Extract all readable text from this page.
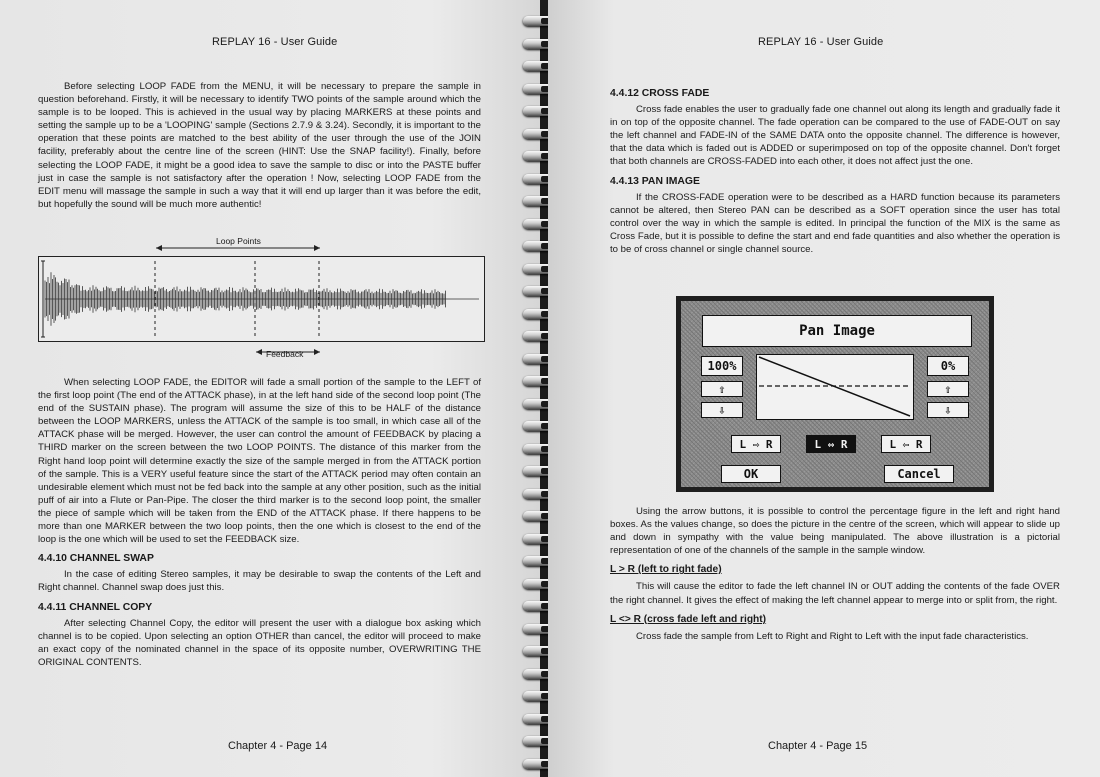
REPLAY 16 - User Guide

Before selecting LOOP FADE from the MENU, it will be necessary to prepare the sample in question beforehand. Firstly, it will be necessary to identify TWO points of the sample around which the sample is to be looped. This is achieved in the usual way by placing MARKERS at these points and setting the sample up to be a 'LOOPING' sample (Sections 2.7.9 & 3.24). Secondly, it is important to the operation that these points are matched to the best ability of the user through the use of the JOIN facility, preferably about the centre line of the screen (HINT: Use the SNAP facility!). Finally, before selecting the LOOP FADE, it might be a good idea to save the sample to disc or into the PASTE buffer just in case the sample is not satisfactory after the operation ! Now, selecting LOOP FADE from the EDIT menu will massage the sample in such a way that it will end up larger than it was before the edit, but hopefully the sound will be much more authentic!

Loop Points
Feedback

When selecting LOOP FADE, the EDITOR will fade a small portion of the sample to the LEFT of the first loop point (The end of the ATTACK phase), in at the left hand side of the second loop point (The end of the SUSTAIN phase). The program will assume the size of this to be HALF of the distance between the LOOP MARKERS, unless the ATTACK of the sample is too small, in which case all of the ATTACK phase will be merged. However, the user can control the amount of FEEDBACK by placing a THIRD marker on the screen between the two LOOP POINTS. The distance of this marker from the Right hand loop point will determine exactly the size of the sample merged in from the ATTACK portion of the sample. This is a VERY useful feature since the start of the ATTACK period may often contain an undesirable element which must not be fed back into the sample at any other position, such as the initial puff of air into a Flute or Pan-Pipe. The closer the third marker is to the second loop point, the smaller the piece of sample which will be taken from the END of the ATTACK phase. If there happens to be more than one MARKER between the two loop points, then the one which is closest to the end of the loop is the one which will be used to set the FEEDBACK size.

4.4.10 CHANNEL SWAP

In the case of editing Stereo samples, it may be desirable to swap the contents of the Left and Right channel. Channel swap does just this.

4.4.11 CHANNEL COPY

After selecting Channel Copy, the editor will present the user with a dialogue box asking which channel is to be copied. Upon selecting an option OTHER than cancel, the editor will proceed to make an exact copy of the nominated channel in the space of its opposite number, OVERWRITING THE ORIGINAL CONTENTS.

Chapter 4 - Page 14
REPLAY 16 - User Guide
4.4.12 CROSS FADE

Cross fade enables the user to gradually fade one channel out along its length and gradually fade it in on top of the opposite channel. The fade operation can be compared to the use of FADE-OUT on say the left channel and FADE-IN of the SAME DATA onto the opposite channel. The difference is however, that the data which is faded out is ADDED or superimposed on top of the opposite channel. Don't forget that both channels are CROSS-FADED into each other, it does not affect just the one.

4.4.13 PAN IMAGE

If the CROSS-FADE operation were to be described as a HARD function because its parameters cannot be altered, then Stereo PAN can be described as a SOFT operation since the user has total control over the way in which the sample is edited. In principal the function of the MIX is the same as Cross Fade, but it is possible to define the start and end fade quantities and also whether the operation is to be of cross channel or single channel source.

Pan Image
100%
⇧
⇩
0%
⇧
⇩
L ⇨ R	L ⇔ R	L ⇦ R
OK	Cancel

Using the arrow buttons, it is possible to control the percentage figure in the left and right hand boxes. As the values change, so does the picture in the centre of the screen, which will appear to slide up and down in sympathy with the value being manipulated. The above illustration is a pictorial representation of one of the channels of the sample in the sample window.

L > R (left to right fade)

This will cause the editor to fade the left channel IN or OUT adding the contents of the fade OVER the right channel. It gives the effect of making the left channel appear to merge into or split from, the right.

L <> R (cross fade left and right)

Cross fade the sample from Left to Right and Right to Left with the input fade characteristics.

Chapter 4 - Page 15
